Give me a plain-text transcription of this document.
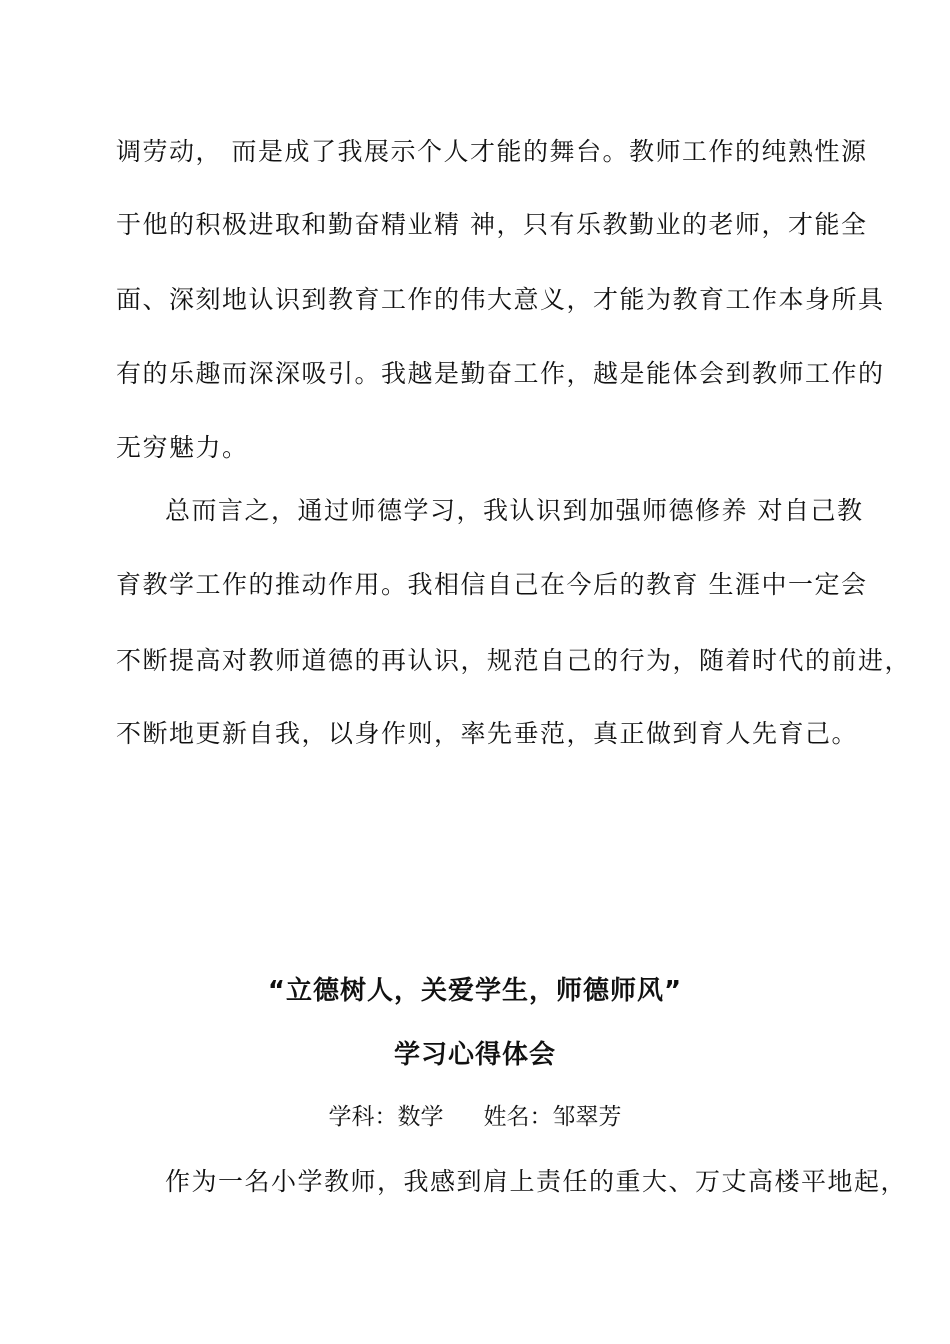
调劳动， 而是成了我展示个人才能的舞台。教师工作的纯熟性源
于他的积极进取和勤奋精业精 神，只有乐教勤业的老师，才能全
面、深刻地认识到教育工作的伟大意义，才能为教育工作本身所具
有的乐趣而深深吸引。我越是勤奋工作，越是能体会到教师工作的
无穷魅力。
总而言之，通过师德学习，我认识到加强师德修养 对自己教
育教学工作的推动作用。我相信自己在今后的教育 生涯中一定会
不断提高对教师道德的再认识，规范自己的行为，随着时代的前进，
不断地更新自我，以身作则，率先垂范，真正做到育人先育己。
“立德树人，关爱学生，师德师风”
学习心得体会
学科：数学 姓名：邹翠芳
作为一名小学教师，我感到肩上责任的重大、万丈高楼平地起，
